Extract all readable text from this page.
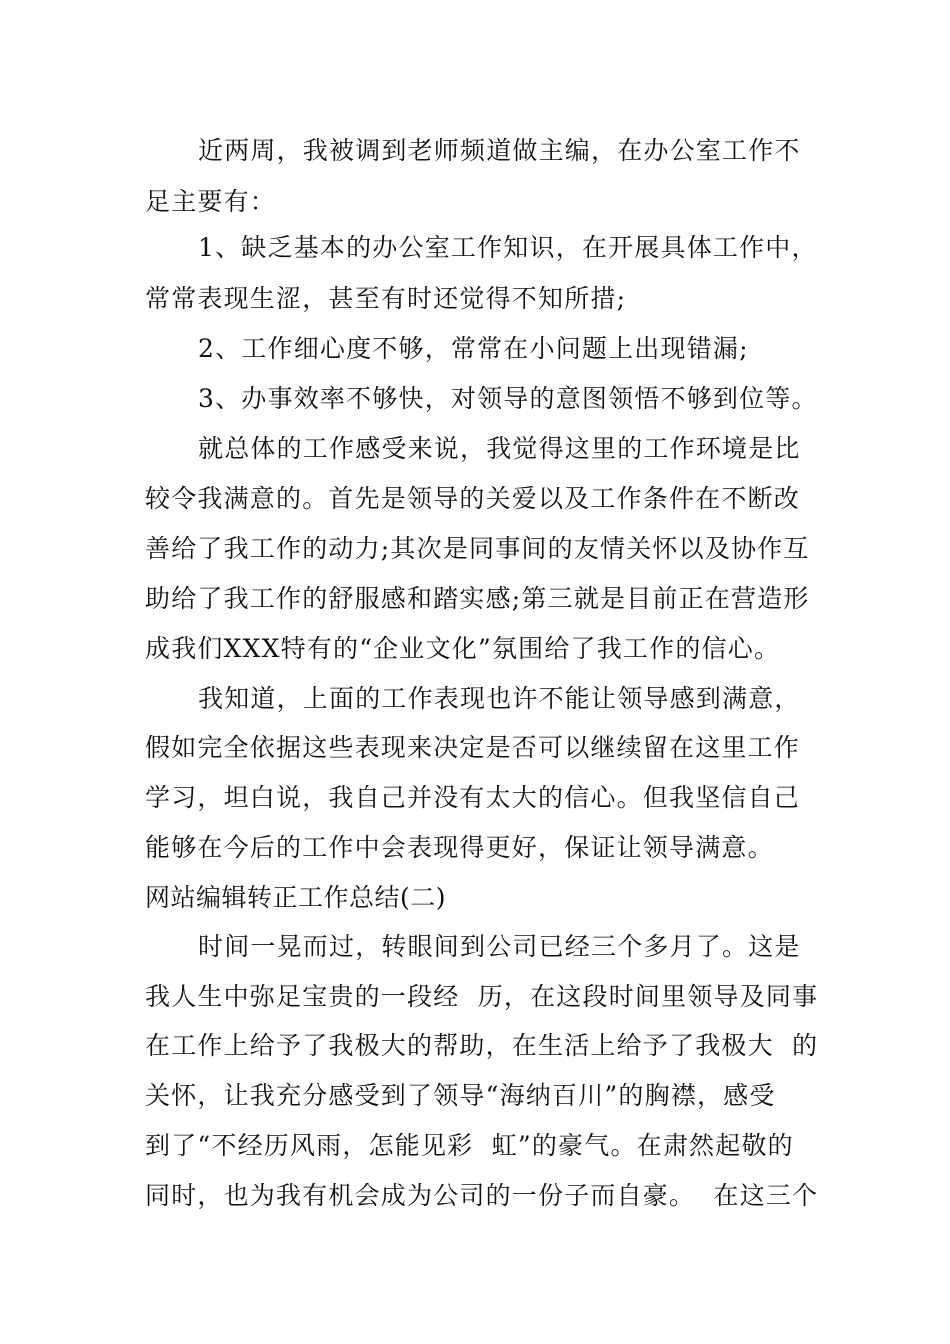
近两周，我被调到老师频道做主编，在办公室工作不
足主要有：
1、缺乏基本的办公室工作知识，在开展具体工作中，
常常表现生涩，甚至有时还觉得不知所措;
2、工作细心度不够，常常在小问题上出现错漏;
3、办事效率不够快，对领导的意图领悟不够到位等。
就总体的工作感受来说，我觉得这里的工作环境是比
较令我满意的。首先是领导的关爱以及工作条件在不断改
善给了我工作的动力;其次是同事间的友情关怀以及协作互
助给了我工作的舒服感和踏实感;第三就是目前正在营造形
成我们XXX特有的“企业文化”氛围给了我工作的信心。
我知道，上面的工作表现也许不能让领导感到满意，
假如完全依据这些表现来决定是否可以继续留在这里工作
学习，坦白说，我自己并没有太大的信心。但我坚信自己
能够在今后的工作中会表现得更好，保证让领导满意。
网站编辑转正工作总结(二)
时间一晃而过，转眼间到公司已经三个多月了。这是
我人生中弥足宝贵的一段经  历，在这段时间里领导及同事
在工作上给予了我极大的帮助，在生活上给予了我极大  的
关怀，让我充分感受到了领导“海纳百川”的胸襟，感受
到了“不经历风雨，怎能见彩  虹”的豪气。在肃然起敬的
同时，也为我有机会成为公司的一份子而自豪。  在这三个
